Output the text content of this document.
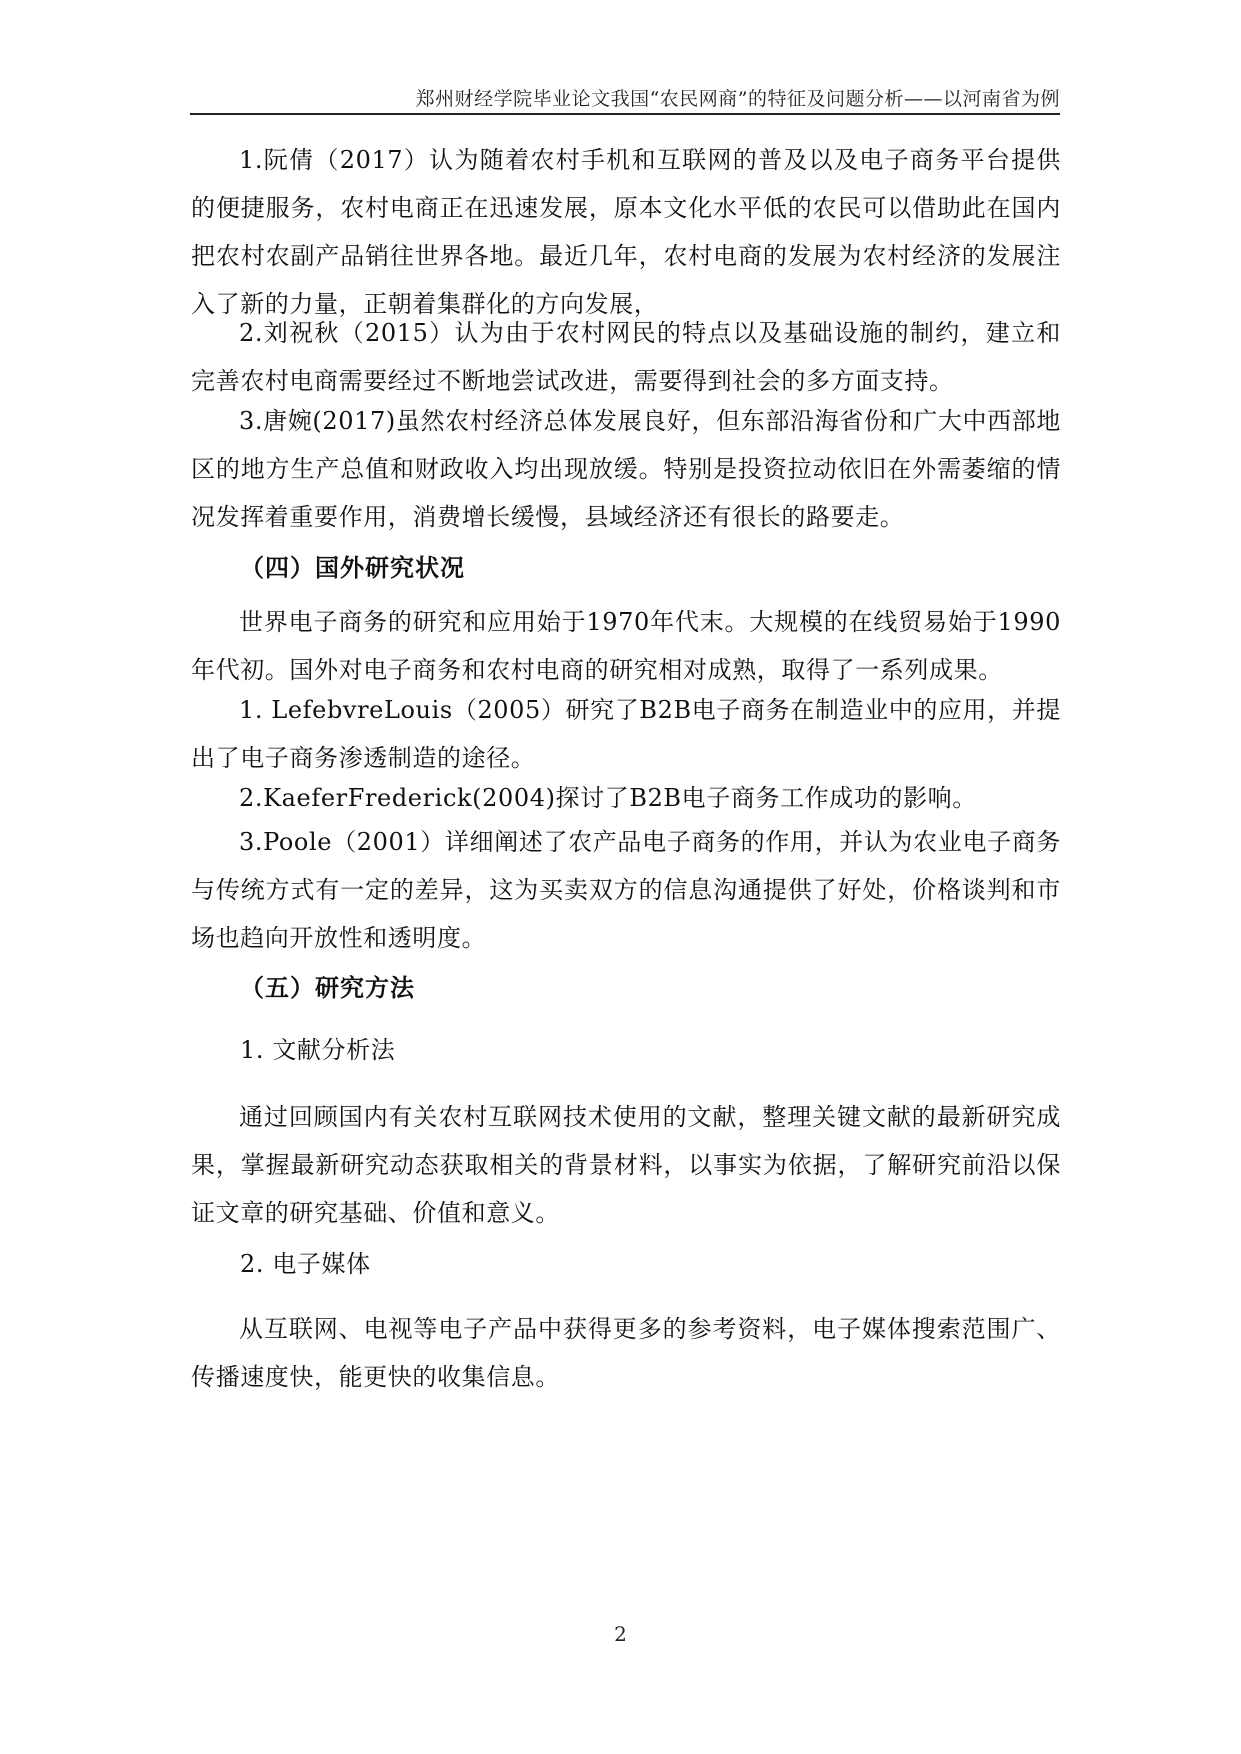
郑州财经学院毕业论文我国“农民网商”的特征及问题分析——以河南省为例

1.阮倩（2017）认为随着农村手机和互联网的普及以及电子商务平台提供的便捷服务，农村电商正在迅速发展，原本文化水平低的农民可以借助此在国内把农村农副产品销往世界各地。最近几年，农村电商的发展为农村经济的发展注入了新的力量，正朝着集群化的方向发展，

2.刘祝秋（2015）认为由于农村网民的特点以及基础设施的制约，建立和完善农村电商需要经过不断地尝试改进，需要得到社会的多方面支持。

3.唐婉(2017)虽然农村经济总体发展良好，但东部沿海省份和广大中西部地区的地方生产总值和财政收入均出现放缓。特别是投资拉动依旧在外需萎缩的情况发挥着重要作用，消费增长缓慢，县域经济还有很长的路要走。

（四）国外研究状况

世界电子商务的研究和应用始于1970年代末。大规模的在线贸易始于1990年代初。国外对电子商务和农村电商的研究相对成熟，取得了一系列成果。

1. LefebvreLouis（2005）研究了B2B电子商务在制造业中的应用，并提出了电子商务渗透制造的途径。

2.KaeferFrederick(2004)探讨了B2B电子商务工作成功的影响。

3.Poole（2001）详细阐述了农产品电子商务的作用，并认为农业电子商务与传统方式有一定的差异，这为买卖双方的信息沟通提供了好处，价格谈判和市场也趋向开放性和透明度。

（五）研究方法

1. 文献分析法

通过回顾国内有关农村互联网技术使用的文献，整理关键文献的最新研究成果，掌握最新研究动态获取相关的背景材料，以事实为依据，了解研究前沿以保证文章的研究基础、价值和意义。

2. 电子媒体

从互联网、电视等电子产品中获得更多的参考资料，电子媒体搜索范围广、传播速度快，能更快的收集信息。

2
